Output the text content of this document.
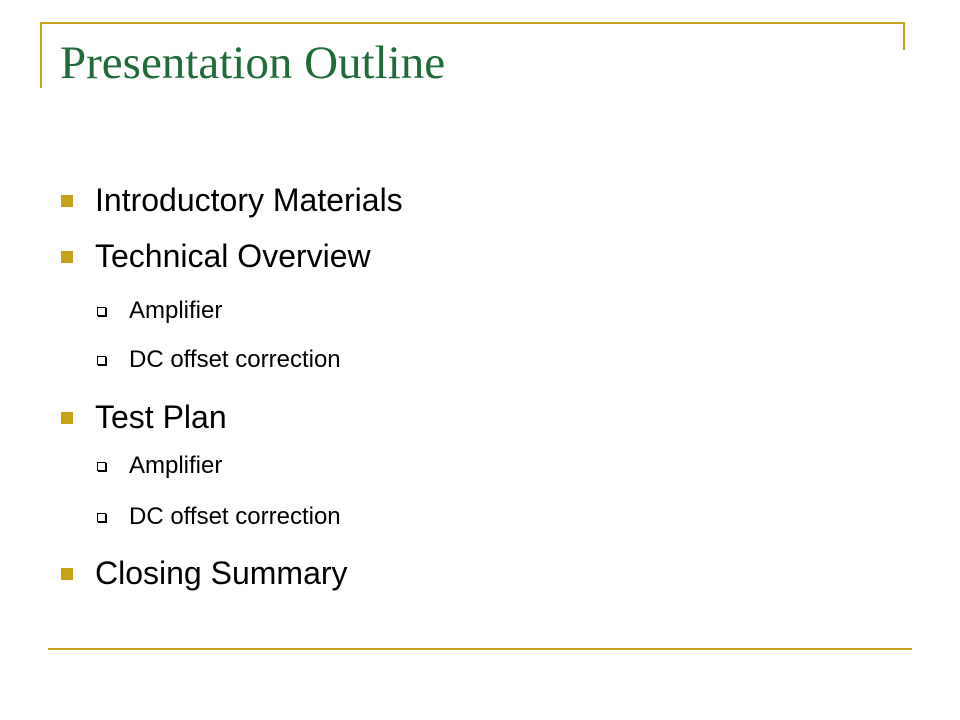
Presentation Outline
Introductory Materials
Technical Overview
Amplifier
DC offset correction
Test Plan
Amplifier
DC offset correction
Closing Summary
